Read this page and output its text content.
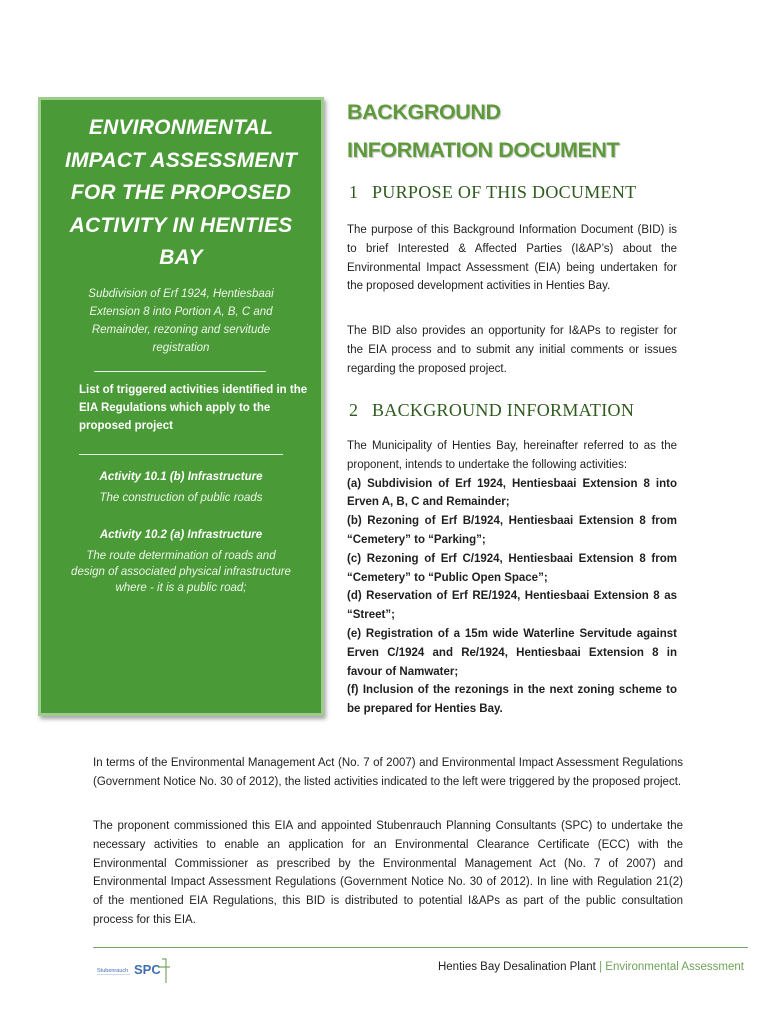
ENVIRONMENTAL IMPACT ASSESSMENT FOR THE PROPOSED ACTIVITY IN HENTIES BAY
Subdivision of Erf 1924, Hentiesbaai Extension 8 into Portion A, B, C and Remainder, rezoning and servitude registration
List of triggered activities identified in the EIA Regulations which apply to the proposed project
Activity 10.1 (b) Infrastructure
The construction of public roads
Activity 10.2 (a) Infrastructure
The route determination of roads and design of associated physical infrastructure where - it is a public road;
BACKGROUND
INFORMATION DOCUMENT
1 PURPOSE OF THIS DOCUMENT
The purpose of this Background Information Document (BID) is to brief Interested & Affected Parties (I&AP’s) about the Environmental Impact Assessment (EIA) being undertaken for the proposed development activities in Henties Bay.
The BID also provides an opportunity for I&APs to register for the EIA process and to submit any initial comments or issues regarding the proposed project.
2 BACKGROUND INFORMATION
The Municipality of Henties Bay, hereinafter referred to as the proponent, intends to undertake the following activities:
(a) Subdivision of Erf 1924, Hentiesbaai Extension 8 into Erven A, B, C and Remainder;
(b) Rezoning of Erf B/1924, Hentiesbaai Extension 8 from “Cemetery” to “Parking”;
(c) Rezoning of Erf C/1924, Hentiesbaai Extension 8 from “Cemetery” to “Public Open Space”;
(d) Reservation of Erf RE/1924, Hentiesbaai Extension 8 as “Street”;
(e) Registration of a 15m wide Waterline Servitude against Erven C/1924 and Re/1924, Hentiesbaai Extension 8 in favour of Namwater;
(f) Inclusion of the rezonings in the next zoning scheme to be prepared for Henties Bay.
In terms of the Environmental Management Act (No. 7 of 2007) and Environmental Impact Assessment Regulations (Government Notice No. 30 of 2012), the listed activities indicated to the left were triggered by the proposed project.
The proponent commissioned this EIA and appointed Stubenrauch Planning Consultants (SPC) to undertake the necessary activities to enable an application for an Environmental Clearance Certificate (ECC) with the Environmental Commissioner as prescribed by the Environmental Management Act (No. 7 of 2007) and Environmental Impact Assessment Regulations (Government Notice No. 30 of 2012). In line with Regulation 21(2) of the mentioned EIA Regulations, this BID is distributed to potential I&APs as part of the public consultation process for this EIA.
Stubenrauch SPC	Henties Bay Desalination Plant | Environmental Assessment
